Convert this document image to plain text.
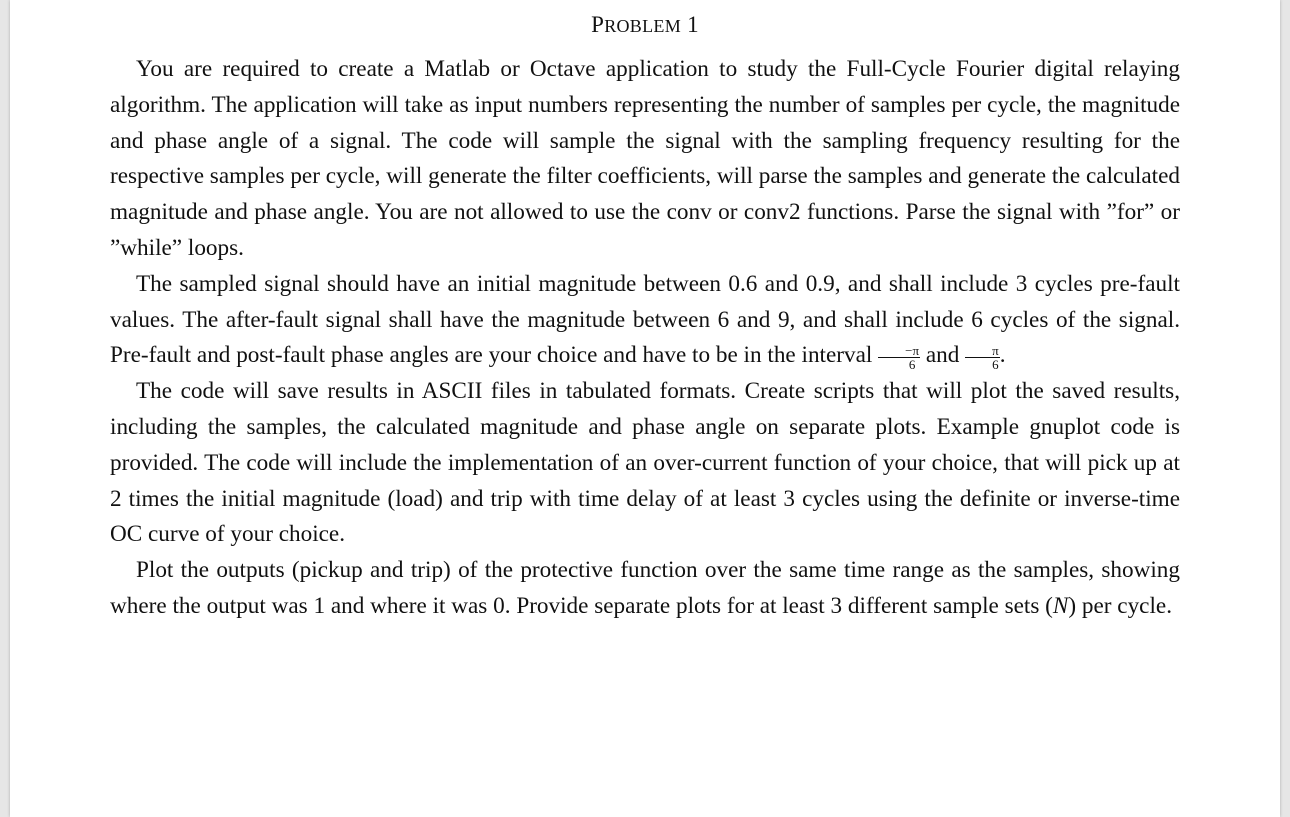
PROBLEM 1

You are required to create a Matlab or Octave application to study the Full-Cycle Fourier digital relaying algorithm. The application will take as input numbers representing the number of samples per cycle, the magnitude and phase angle of a signal. The code will sample the signal with the sampling frequency resulting for the respective samples per cycle, will generate the filter coefficients, will parse the samples and generate the calculated magnitude and phase angle. You are not allowed to use the conv or conv2 functions. Parse the signal with ”for” or ”while” loops.

The sampled signal should have an initial magnitude between 0.6 and 0.9, and shall include 3 cycles pre-fault values. The after-fault signal shall have the magnitude between 6 and 9, and shall include 6 cycles of the signal. Pre-fault and post-fault phase angles are your choice and have to be in the interval $\frac{-\pi}{6}$ and $\frac{\pi}{6}$ .

The code will save results in ASCII files in tabulated formats. Create scripts that will plot the saved results, including the samples, the calculated magnitude and phase angle on separate plots. Example gnuplot code is provided. The code will include the implementation of an over-current function of your choice, that will pick up at 2 times the initial magnitude (load) and trip with time delay of at least 3 cycles using the definite or inverse-time OC curve of your choice.

Plot the outputs (pickup and trip) of the protective function over the same time range as the samples, showing where the output was 1 and where it was 0. Provide separate plots for at least 3 different sample sets (N) per cycle.
